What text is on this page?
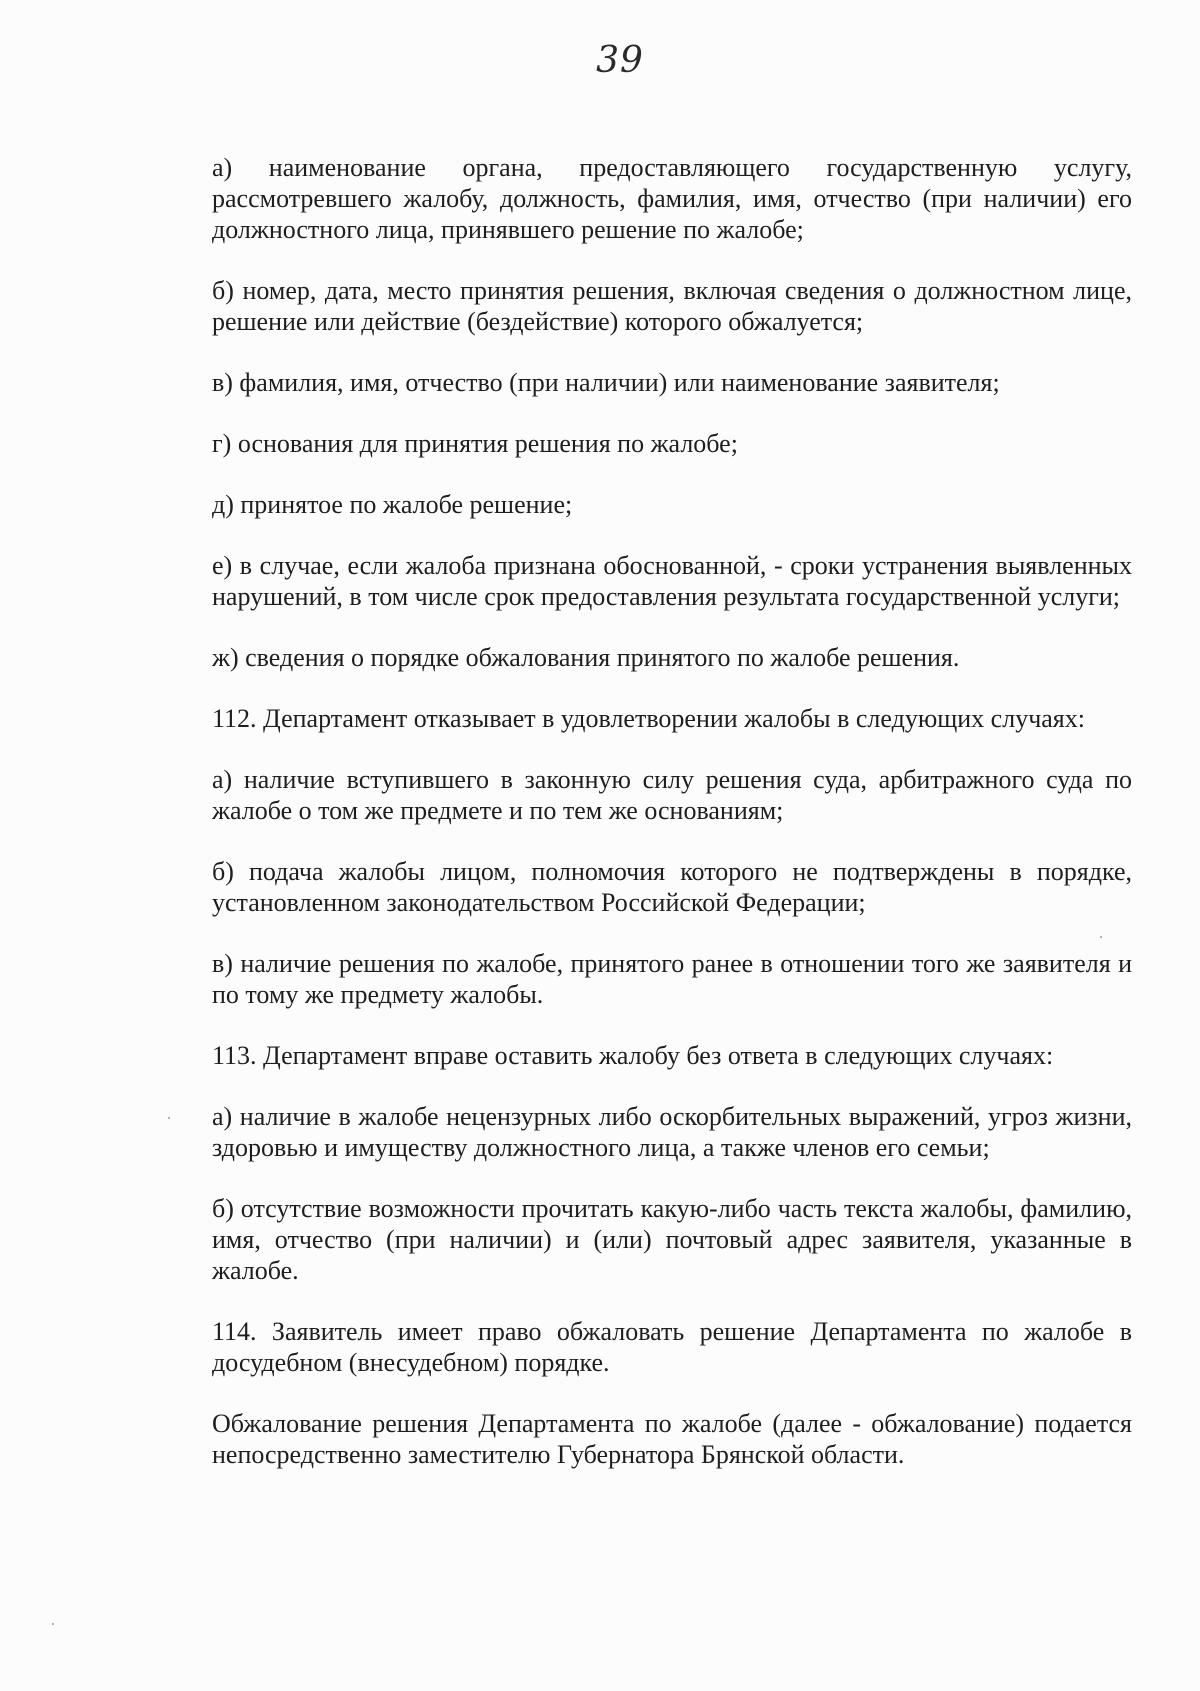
39

а) наименование органа, предоставляющего государственную услугу, рассмотревшего жалобу, должность, фамилия, имя, отчество (при наличии) его должностного лица, принявшего решение по жалобе;

б) номер, дата, место принятия решения, включая сведения о должностном лице, решение или действие (бездействие) которого обжалуется;

в) фамилия, имя, отчество (при наличии) или наименование заявителя;

г) основания для принятия решения по жалобе;

д) принятое по жалобе решение;

е) в случае, если жалоба признана обоснованной, - сроки устранения выявленных нарушений, в том числе срок предоставления результата государственной услуги;

ж) сведения о порядке обжалования принятого по жалобе решения.

112. Департамент отказывает в удовлетворении жалобы в следующих случаях:

а) наличие вступившего в законную силу решения суда, арбитражного суда по жалобе о том же предмете и по тем же основаниям;

б) подача жалобы лицом, полномочия которого не подтверждены в порядке, установленном законодательством Российской Федерации;

в) наличие решения по жалобе, принятого ранее в отношении того же заявителя и по тому же предмету жалобы.

113. Департамент вправе оставить жалобу без ответа в следующих случаях:

а) наличие в жалобе нецензурных либо оскорбительных выражений, угроз жизни, здоровью и имуществу должностного лица, а также членов его семьи;

б) отсутствие возможности прочитать какую-либо часть текста жалобы, фамилию, имя, отчество (при наличии) и (или) почтовый адрес заявителя, указанные в жалобе.

114. Заявитель имеет право обжаловать решение Департамента по жалобе в досудебном (внесудебном) порядке.

Обжалование решения Департамента по жалобе (далее - обжалование) подается непосредственно заместителю Губернатора Брянской области.
